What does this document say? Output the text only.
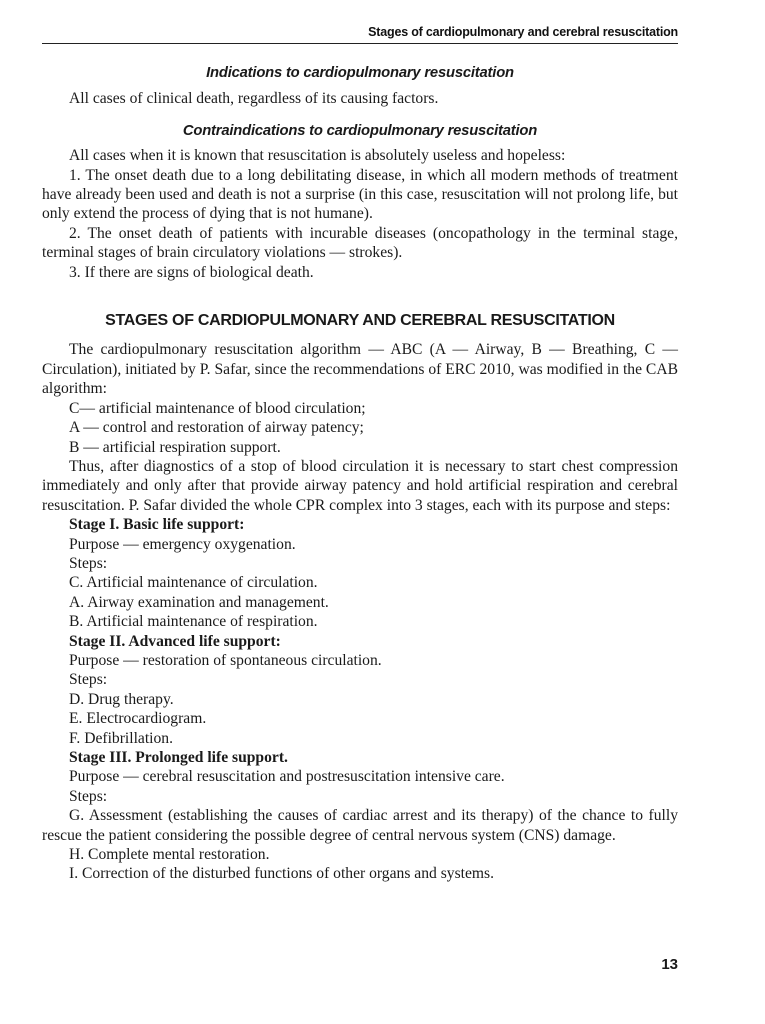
Stages of cardiopulmonary and cerebral resuscitation
Indications to cardiopulmonary resuscitation

All cases of clinical death, regardless of its causing factors.

Contraindications to cardiopulmonary resuscitation

All cases when it is known that resuscitation is absolutely useless and hopeless:

1. The onset death due to a long debilitating disease, in which all modern methods of treatment have already been used and death is not a surprise (in this case, resuscitation will not prolong life, but only extend the process of dying that is not humane).

2. The onset death of patients with incurable diseases (oncopathology in the terminal stage, terminal stages of brain circulatory violations — strokes).

3. If there are signs of biological death.

STAGES OF CARDIOPULMONARY AND CEREBRAL RESUSCITATION

The cardiopulmonary resuscitation algorithm — ABC (A — Airway, B — Breathing, C — Circulation), initiated by P. Safar, since the recommendations of ERC 2010, was modified in the CAB algorithm:

C— artificial maintenance of blood circulation;

A — control and restoration of airway patency;

B — artificial respiration support.

Thus, after diagnostics of a stop of blood circulation it is necessary to start chest compression immediately and only after that provide airway patency and hold artificial respiration and cerebral resuscitation. P. Safar divided the whole CPR complex into 3 stages, each with its purpose and steps:

Stage I. Basic life support:

Purpose — emergency oxygenation.

Steps:

C. Artificial maintenance of circulation.

A. Airway examination and management.

B. Artificial maintenance of respiration.

Stage II. Advanced life support:

Purpose — restoration of spontaneous circulation.

Steps:

D. Drug therapy.

E. Electrocardiogram.

F. Defibrillation.

Stage III. Prolonged life support.

Purpose — cerebral resuscitation and postresuscitation intensive care.

Steps:

G. Assessment (establishing the causes of cardiac arrest and its therapy) of the chance to fully rescue the patient considering the possible degree of central nervous system (CNS) damage.

H. Complete mental restoration.

I. Correction of the disturbed functions of other organs and systems.

13
